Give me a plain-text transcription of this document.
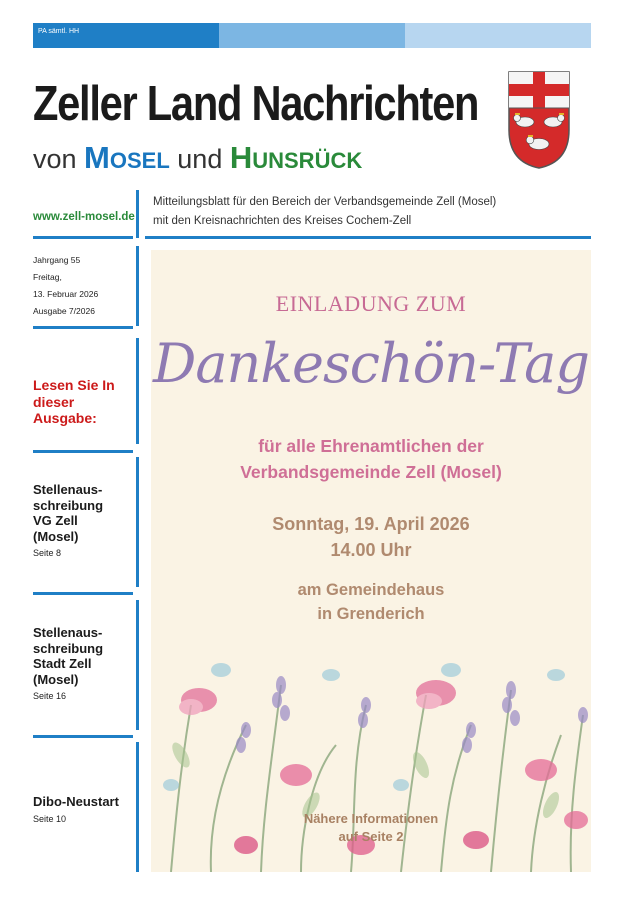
PA sämtl. HH
Zeller Land Nachrichten
von MOSEL und HUNSRÜCK
www.zell-mosel.de
Mitteilungsblatt für den Bereich der Verbandsgemeinde Zell (Mosel)
mit den Kreisnachrichten des Kreises Cochem-Zell
Jahrgang 55
Freitag,
13. Februar 2026
Ausgabe 7/2026
Lesen Sie In
dieser
Ausgabe:
Stellenaus-
schreibung
VG Zell
(Mosel)
Seite 8
Stellenaus-
schreibung
Stadt Zell
(Mosel)
Seite 16
Dibo-Neustart
Seite 10
EINLADUNG ZUM
Dankeschön-Tag
für alle Ehrenamtlichen der
Verbandsgemeinde Zell (Mosel)
Sonntag, 19. April 2026
14.00 Uhr
am Gemeindehaus
in Grenderich
Nähere Informationen
auf Seite 2
